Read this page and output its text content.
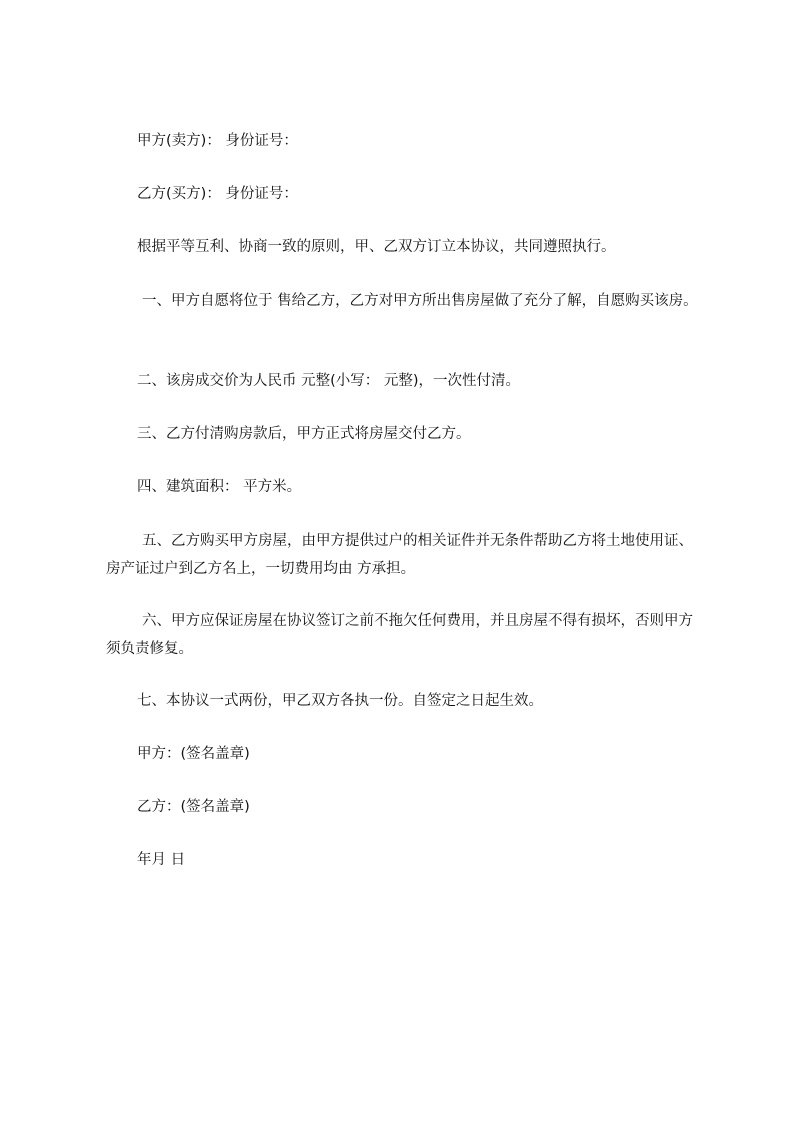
甲方(卖方)： 身份证号：

乙方(买方)： 身份证号：

根据平等互利、协商一致的原则，甲、乙双方订立本协议，共同遵照执行。

一、甲方自愿将位于 售给乙方，乙方对甲方所出售房屋做了充分了解，自愿购买该房。

二、该房成交价为人民币 元整(小写： 元整)，一次性付清。

三、乙方付清购房款后，甲方正式将房屋交付乙方。

四、建筑面积： 平方米。

五、乙方购买甲方房屋，由甲方提供过户的相关证件并无条件帮助乙方将土地使用证、房产证过户到乙方名上，一切费用均由 方承担。

六、甲方应保证房屋在协议签订之前不拖欠任何费用，并且房屋不得有损坏，否则甲方须负责修复。

七、本协议一式两份，甲乙双方各执一份。自签定之日起生效。

甲方：(签名盖章)

乙方：(签名盖章)

年月 日
